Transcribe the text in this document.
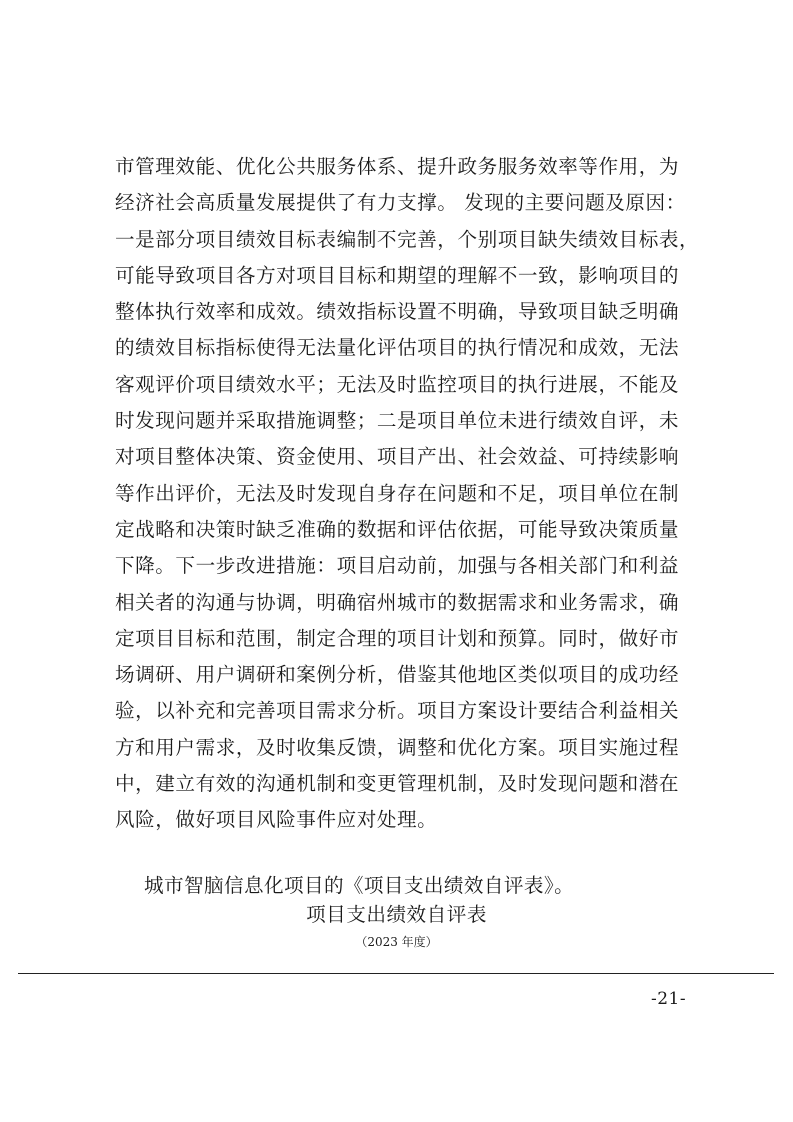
市管理效能、优化公共服务体系、提升政务服务效率等作用，为
经济社会高质量发展提供了有力支撑。 发现的主要问题及原因：
一是部分项目绩效目标表编制不完善，个别项目缺失绩效目标表，
可能导致项目各方对项目目标和期望的理解不一致，影响项目的
整体执行效率和成效。绩效指标设置不明确，导致项目缺乏明确
的绩效目标指标使得无法量化评估项目的执行情况和成效，无法
客观评价项目绩效水平；无法及时监控项目的执行进展，不能及
时发现问题并采取措施调整；二是项目单位未进行绩效自评，未
对项目整体决策、资金使用、项目产出、社会效益、可持续影响
等作出评价，无法及时发现自身存在问题和不足，项目单位在制
定战略和决策时缺乏准确的数据和评估依据，可能导致决策质量
下降。下一步改进措施：项目启动前，加强与各相关部门和利益
相关者的沟通与协调，明确宿州城市的数据需求和业务需求，确
定项目目标和范围，制定合理的项目计划和预算。同时，做好市
场调研、用户调研和案例分析，借鉴其他地区类似项目的成功经
验，以补充和完善项目需求分析。项目方案设计要结合利益相关
方和用户需求，及时收集反馈，调整和优化方案。项目实施过程
中，建立有效的沟通机制和变更管理机制，及时发现问题和潜在
风险，做好项目风险事件应对处理。
城市智脑信息化项目的《项目支出绩效自评表》。
项目支出绩效自评表
（2023 年度）
-21-
